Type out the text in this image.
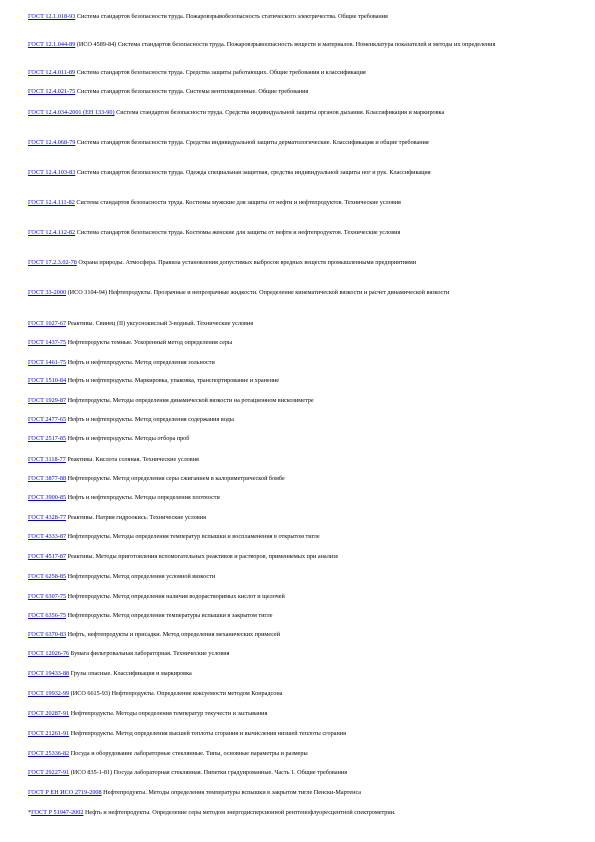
ГОСТ 12.1.018-93 Система стандартов безопасности труда. Пожаровзрывобезопасность статического электричества. Общие требования

ГОСТ 12.1.044-89 (ИСО 4589-84) Система стандартов безопасности труда. Пожаровзрывоопасность веществ и материалов. Номенклатура показателей и методы их определения

ГОСТ 12.4.011-89 Система стандартов безопасности труда. Средства защиты работающих. Общие требования и классификация

ГОСТ 12.4.021-75 Система стандартов безопасности труда. Системы вентиляционные. Общие требования

ГОСТ 12.4.034-2001 (ЕН 133-90) Система стандартов безопасности труда. Средства индивидуальной защиты органов дыхания. Классификация и маркировка

ГОСТ 12.4.068-79 Система стандартов безопасности труда. Средства индивидуальной защиты дерматологические. Классификация и общие требования

ГОСТ 12.4.103-83 Система стандартов безопасности труда. Одежда специальная защитная, средства индивидуальной защиты ног и рук. Классификация

ГОСТ 12.4.111-82 Система стандартов безопасности труда. Костюмы мужские для защиты от нефти и нефтепродуктов. Технические условия

ГОСТ 12.4.112-82 Система стандартов безопасности труда. Костюмы женские для защиты от нефти и нефтепродуктов. Технические условия

ГОСТ 17.2.3.02-78 Охрана природы. Атмосфера. Правила установления допустимых выбросов вредных веществ промышленными предприятиями

ГОСТ 33-2000 (ИСО 3104-94) Нефтепродукты. Прозрачные и непрозрачные жидкости. Определение кинематической вязкости и расчет динамической вязкости

ГОСТ 1027-67 Реактивы. Свинец (II) уксуснокислый 3-водный. Технические условия

ГОСТ 1437-75 Нефтепродукты темные. Ускоренный метод определения серы

ГОСТ 1461-75 Нефть и нефтепродукты. Метод определения зольности

ГОСТ 1510-84 Нефть и нефтепродукты. Маркировка, упаковка, транспортирование и хранение

ГОСТ 1929-87 Нефтепродукты. Методы определения динамической вязкости на ротационном вискозиметре

ГОСТ 2477-65 Нефть и нефтепродукты. Метод определения содержания воды

ГОСТ 2517-85 Нефть и нефтепродукты. Методы отбора проб

ГОСТ 3118-77 Реактивы. Кислота соляная. Технические условия

ГОСТ 3877-88 Нефтепродукты. Метод определения серы сжиганием в калориметрической бомбе

ГОСТ 3900-85 Нефть и нефтепродукты. Методы определения плотности

ГОСТ 4328-77 Реактивы. Натрия гидроокись. Технические условия

ГОСТ 4333-87 Нефтепродукты. Методы определения температур вспышки и воспламенения в открытом тигле

ГОСТ 4517-87 Реактивы. Методы приготовления вспомогательных реактивов и растворов, применяемых при анализе

ГОСТ 6258-85 Нефтепродукты. Метод определения условной вязкости

ГОСТ 6307-75 Нефтепродукты. Метод определения наличия водорастворимых кислот и щелочей

ГОСТ 6356-75 Нефтепродукты. Метод определения температуры вспышки в закрытом тигле

ГОСТ 6370-83 Нефть, нефтепродукты и присадки. Метод определения механических примесей

ГОСТ 12026-76 Бумага фильтровальная лабораторная. Технические условия

ГОСТ 19433-88 Грузы опасные. Классификация и маркировка

ГОСТ 19932-99 (ИСО 6615-93) Нефтепродукты. Определение коксуемости методом Конрадсона

ГОСТ 20287-91 Нефтепродукты. Методы определения температур текучести и застывания

ГОСТ 21261-91 Нефтепродукты. Метод определения высшей теплоты сгорания и вычисления низшей теплоты сгорания

ГОСТ 25336-82 Посуда и оборудование лабораторные стеклянные. Типы, основные параметры и размеры

ГОСТ 29227-91 (ИСО 835-1-81) Посуда лабораторная стеклянная. Пипетки градуированные. Часть 1. Общие требования

ГОСТ Р ЕН ИСО 2719-2008 Нефтепродукты. Методы определения температуры вспышки в закрытом тигле Пенски-Мартенса

*ГОСТ Р 51947-2002 Нефть и нефтепродукты. Определение серы методом энергодисперсионной рентгенофлуоресцентной спектрометрии.
